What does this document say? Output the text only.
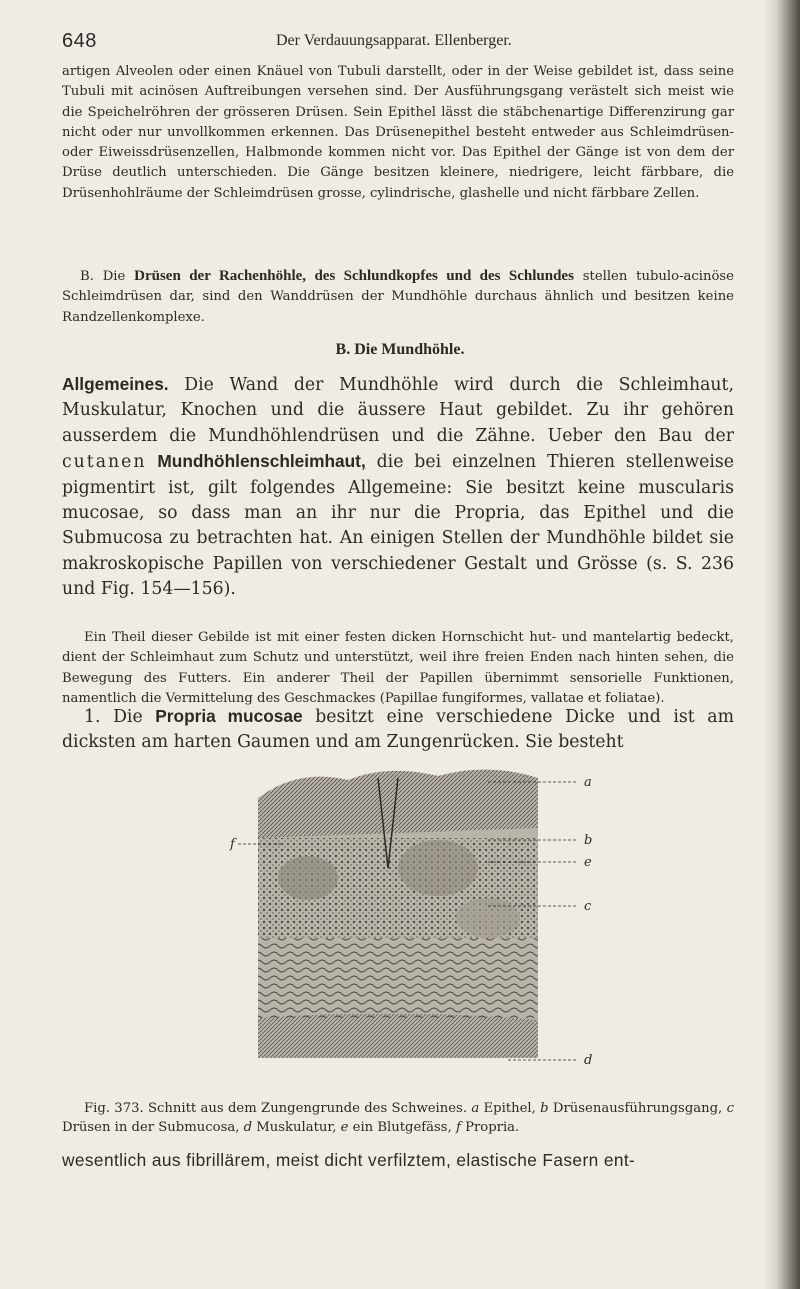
648	Der Verdauungsapparat. Ellenberger.

artigen Alveolen oder einen Knäuel von Tubuli darstellt, oder in der Weise gebildet ist, dass seine Tubuli mit acinösen Auftreibungen versehen sind. Der Ausführungsgang verästelt sich meist wie die Speichelröhren der grösseren Drüsen. Sein Epithel lässt die stäbchenartige Differenzirung gar nicht oder nur unvollkommen erkennen. Das Drüsenepithel besteht entweder aus Schleimdrüsen- oder Eiweissdrüsenzellen, Halbmonde kommen nicht vor. Das Epithel der Gänge ist von dem der Drüse deutlich unterschieden. Die Gänge besitzen kleinere, niedrigere, leicht färbbare, die Drüsenhohlräume der Schleimdrüsen grosse, cylindrische, glashelle und nicht färbbare Zellen.

B. Die Drüsen der Rachenhöhle, des Schlundkopfes und des Schlundes stellen tubulo-acinöse Schleimdrüsen dar, sind den Wanddrüsen der Mundhöhle durchaus ähnlich und besitzen keine Randzellenkomplexe.

B. Die Mundhöhle.

Allgemeines. Die Wand der Mundhöhle wird durch die Schleimhaut, Muskulatur, Knochen und die äussere Haut gebildet. Zu ihr gehören ausserdem die Mundhöhlendrüsen und die Zähne. Ueber den Bau der cutanen Mundhöhlenschleimhaut, die bei einzelnen Thieren stellenweise pigmentirt ist, gilt folgendes Allgemeine: Sie besitzt keine muscularis mucosae, so dass man an ihr nur die Propria, das Epithel und die Submucosa zu betrachten hat. An einigen Stellen der Mundhöhle bildet sie makroskopische Papillen von verschiedener Gestalt und Grösse (s. S. 236 und Fig. 154—156).

Ein Theil dieser Gebilde ist mit einer festen dicken Hornschicht hut- und mantelartig bedeckt, dient der Schleimhaut zum Schutz und unterstützt, weil ihre freien Enden nach hinten sehen, die Bewegung des Futters. Ein anderer Theil der Papillen übernimmt sensorielle Funktionen, namentlich die Vermittelung des Geschmackes (Papillae fungiformes, vallatae et foliatae).

1. Die Propria mucosae besitzt eine verschiedene Dicke und ist am dicksten am harten Gaumen und am Zungenrücken. Sie besteht

a
b
e
c
d
f

Fig. 373. Schnitt aus dem Zungengrunde des Schweines. a Epithel, b Drüsenausführungsgang, c Drüsen in der Submucosa, d Muskulatur, e ein Blutgefäss, f Propria.

wesentlich aus fibrillärem, meist dicht verfilztem, elastische Fasern ent-
